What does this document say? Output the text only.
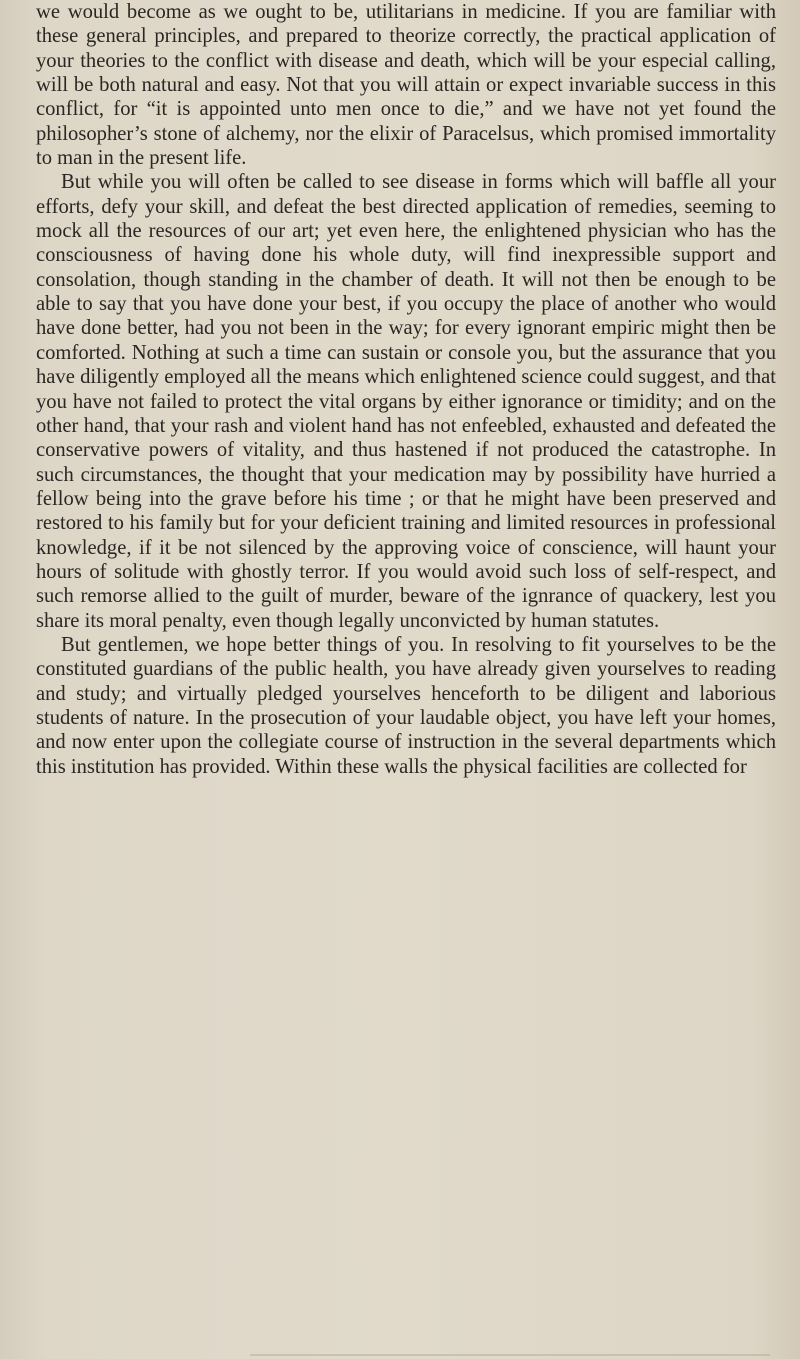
we would become as we ought to be, utilitarians in medicine. If you are familiar with these general principles, and prepared to theorize correctly, the practical application of your theories to the conflict with disease and death, which will be your especial calling, will be both natural and easy. Not that you will attain or expect invariable success in this conflict, for “it is appointed unto men once to die,” and we have not yet found the philosopher’s stone of alchemy, nor the elixir of Paracelsus, which promised immortality to man in the present life.

But while you will often be called to see disease in forms which will baffle all your efforts, defy your skill, and defeat the best directed application of remedies, seeming to mock all the resources of our art; yet even here, the enlightened physician who has the consciousness of having done his whole duty, will find inexpressible support and consolation, though standing in the chamber of death. It will not then be enough to be able to say that you have done your best, if you occupy the place of another who would have done better, had you not been in the way; for every ignorant empiric might then be comforted. Nothing at such a time can sustain or console you, but the assurance that you have diligently employed all the means which enlightened science could suggest, and that you have not failed to protect the vital organs by either ignorance or timidity; and on the other hand, that your rash and violent hand has not enfeebled, exhausted and defeated the conservative powers of vitality, and thus hastened if not produced the catastrophe. In such circumstances, the thought that your medication may by possibility have hurried a fellow being into the grave before his time ; or that he might have been preserved and restored to his family but for your deficient training and limited resources in professional knowledge, if it be not silenced by the approving voice of conscience, will haunt your hours of solitude with ghostly terror. If you would avoid such loss of self-respect, and such remorse allied to the guilt of murder, beware of the ignrance of quackery, lest you share its moral penalty, even though legally unconvicted by human statutes.

But gentlemen, we hope better things of you. In resolving to fit yourselves to be the constituted guardians of the public health, you have already given yourselves to reading and study; and virtually pledged yourselves henceforth to be diligent and laborious students of nature. In the prosecution of your laudable object, you have left your homes, and now enter upon the collegiate course of instruction in the several departments which this institution has provided. Within these walls the physical facilities are collected for
